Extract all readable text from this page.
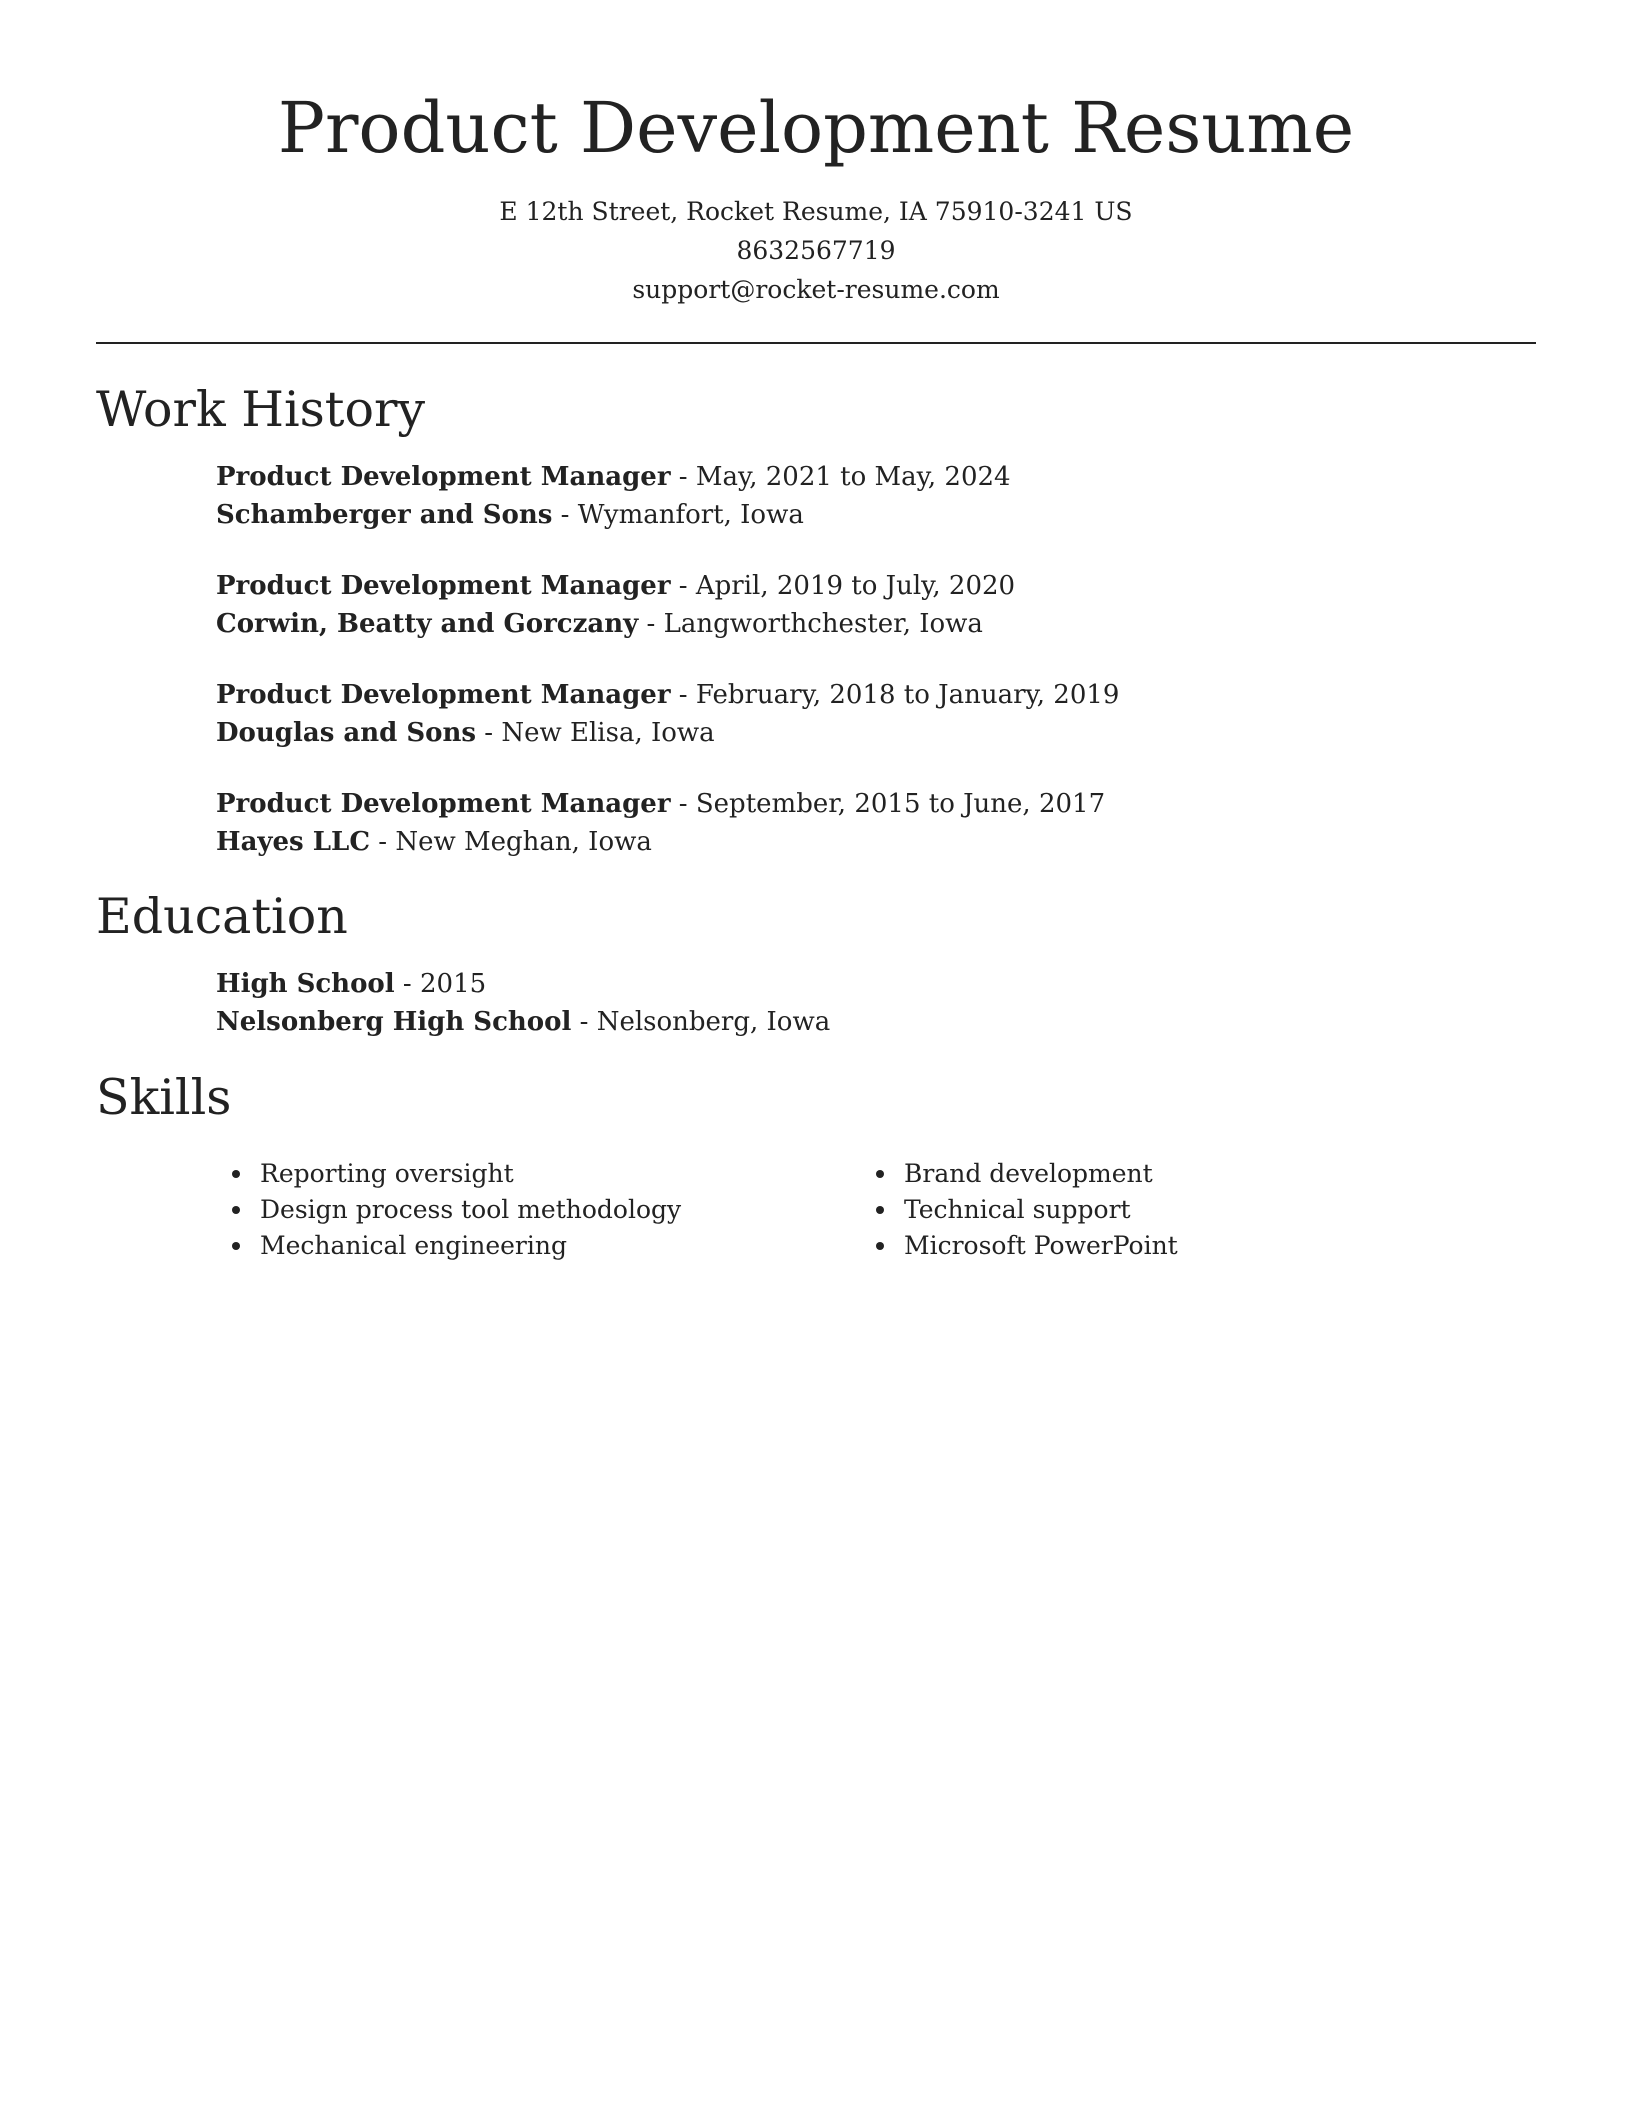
Product Development Resume
E 12th Street, Rocket Resume, IA 75910-3241 US
8632567719
support@rocket-resume.com
Work History
Product Development Manager - May, 2021 to May, 2024
Schamberger and Sons - Wymanfort, Iowa
Product Development Manager - April, 2019 to July, 2020
Corwin, Beatty and Gorczany - Langworthchester, Iowa
Product Development Manager - February, 2018 to January, 2019
Douglas and Sons - New Elisa, Iowa
Product Development Manager - September, 2015 to June, 2017
Hayes LLC - New Meghan, Iowa
Education
High School - 2015
Nelsonberg High School - Nelsonberg, Iowa
Skills
Reporting oversight
Design process tool methodology
Mechanical engineering
Brand development
Technical support
Microsoft PowerPoint
